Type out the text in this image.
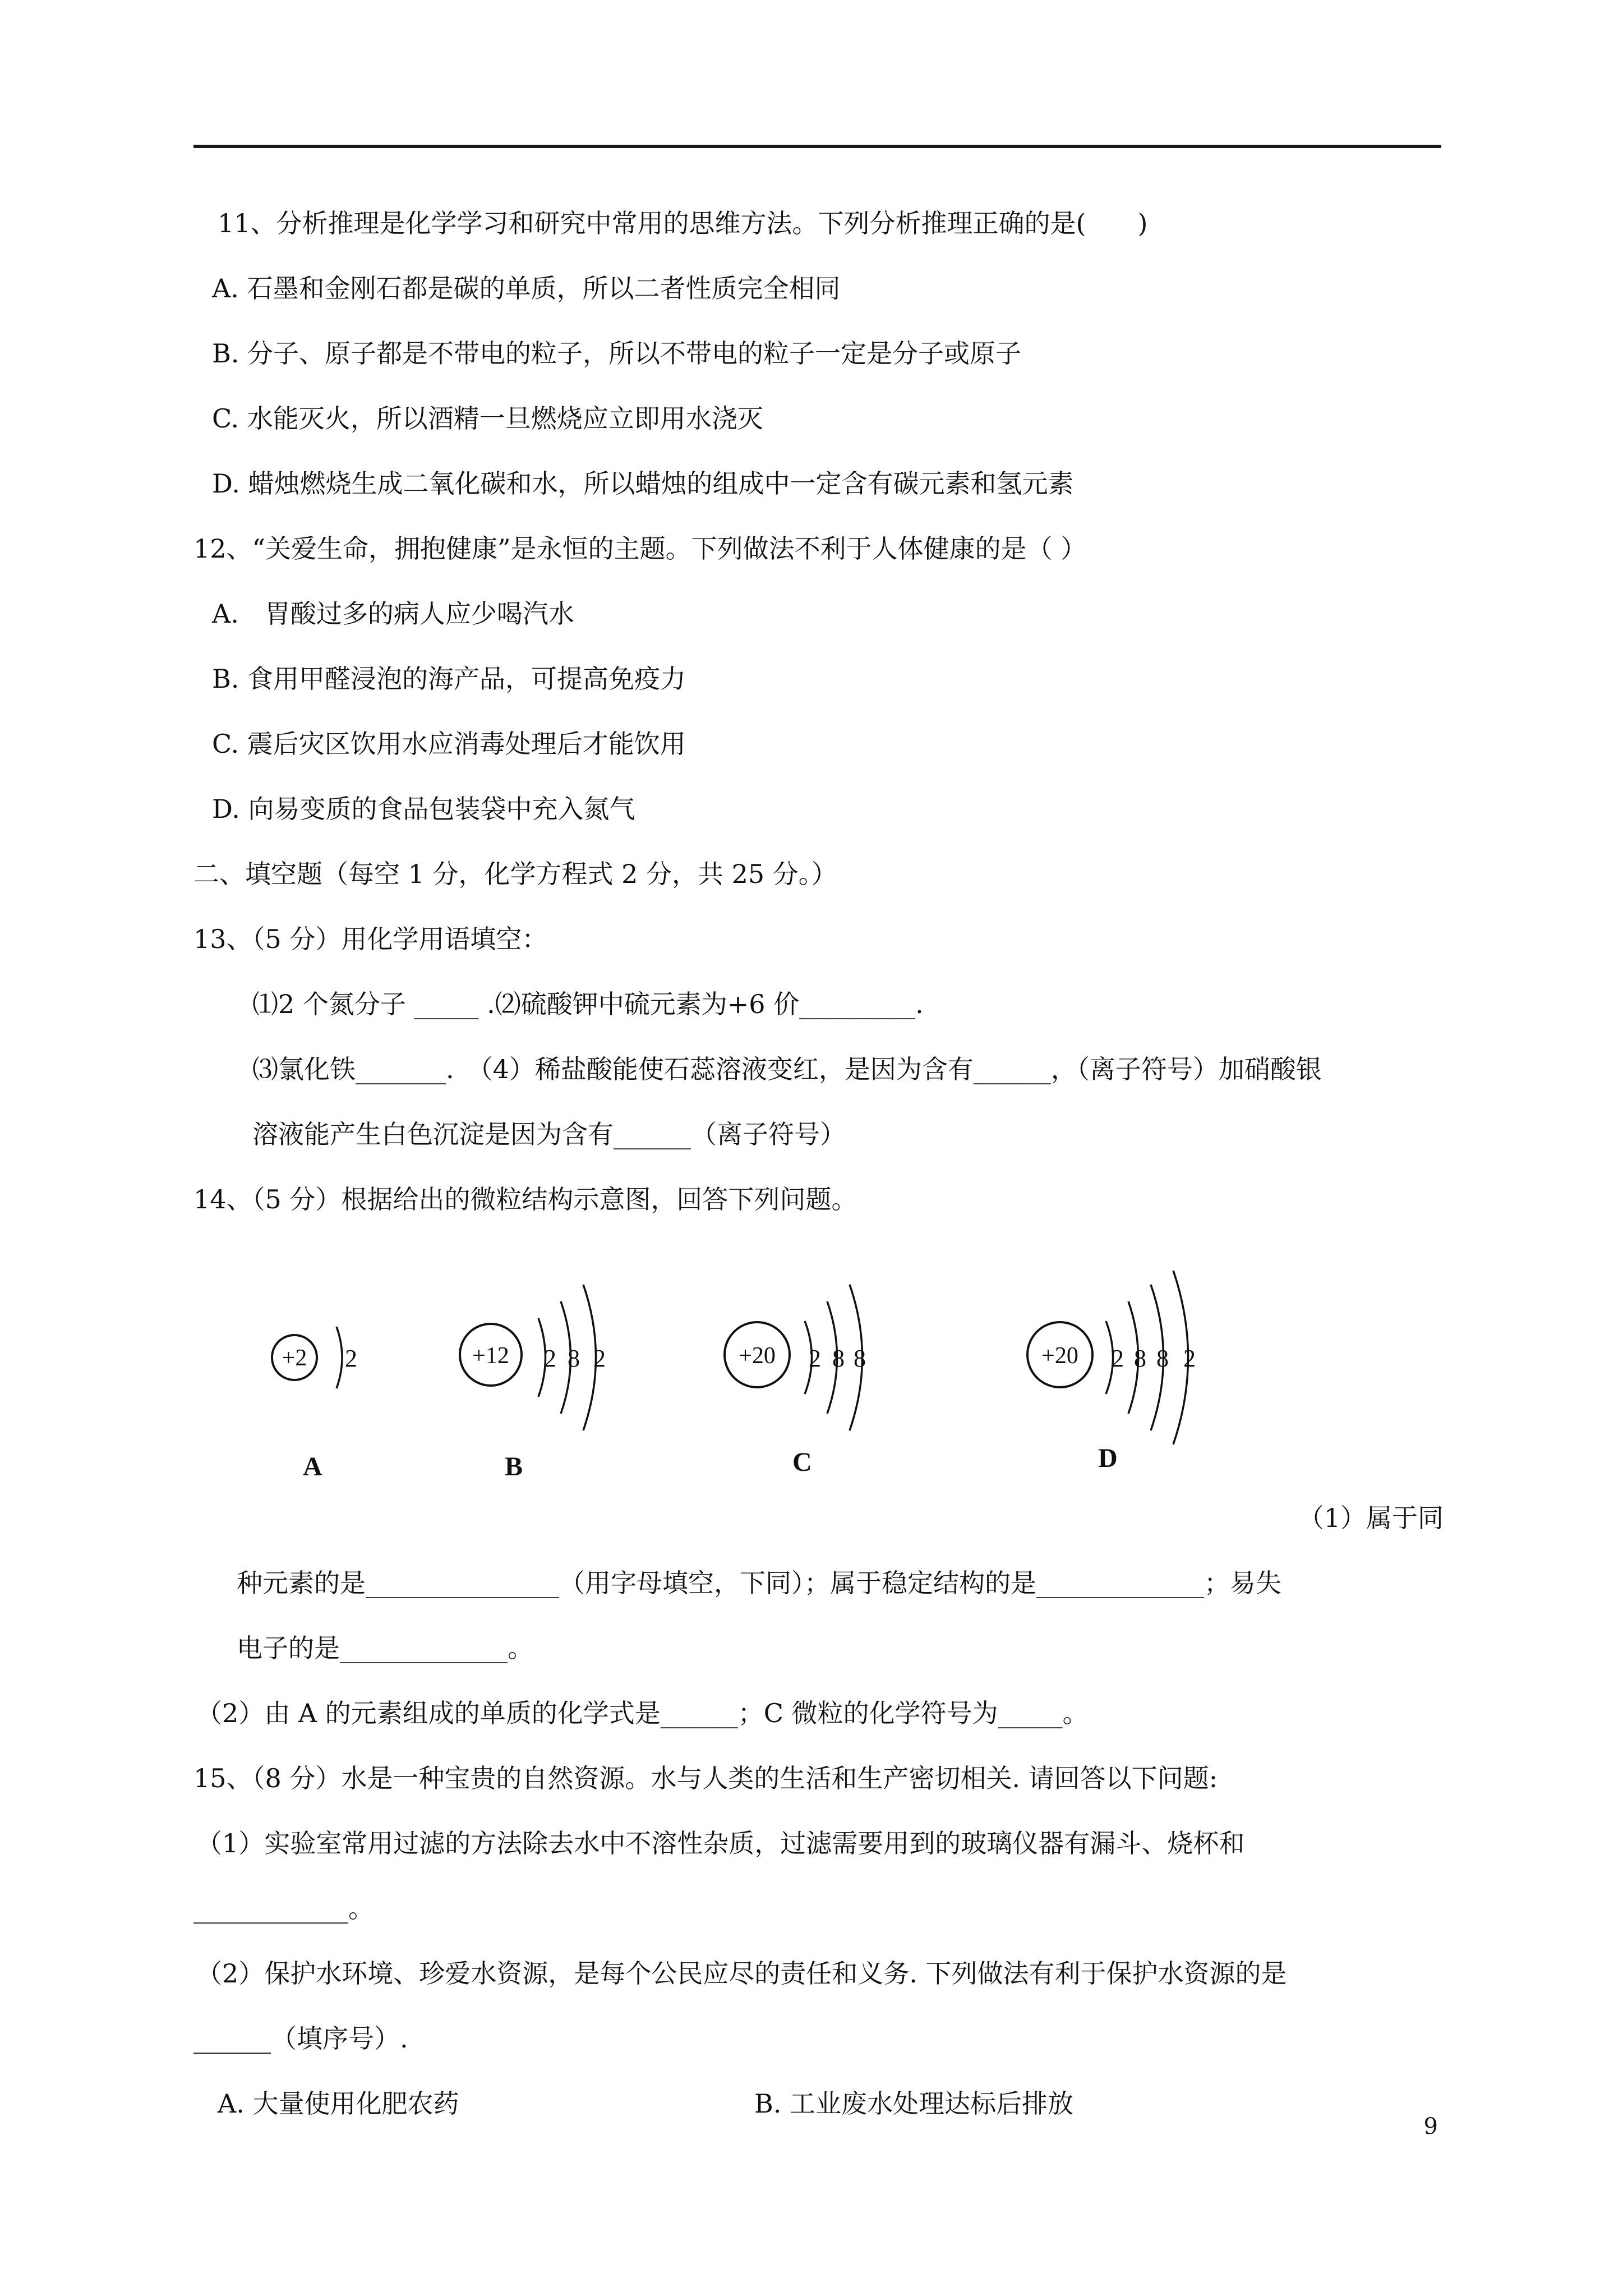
11、分析推理是化学学习和研究中常用的思维方法。下列分析推理正确的是(　　)
A. 石墨和金刚石都是碳的单质，所以二者性质完全相同
B. 分子、原子都是不带电的粒子，所以不带电的粒子一定是分子或原子
C. 水能灭火，所以酒精一旦燃烧应立即用水浇灭
D. 蜡烛燃烧生成二氧化碳和水，所以蜡烛的组成中一定含有碳元素和氢元素
12、“关爱生命，拥抱健康”是永恒的主题。下列做法不利于人体健康的是（ ）
A.　胃酸过多的病人应少喝汽水
B. 食用甲醛浸泡的海产品，可提高免疫力
C. 震后灾区饮用水应消毒处理后才能饮用
D. 向易变质的食品包装袋中充入氮气
二、填空题（每空 1 分，化学方程式 2 分，共 25 分。）
13、（5 分）用化学用语填空：
⑴2 个氮分子 _____ .⑵硫酸钾中硫元素为+6 价_________.
⑶氯化铁_______.　（4）稀盐酸能使石蕊溶液变红，是因为含有______，（离子符号）加硝酸银
溶液能产生白色沉淀是因为含有______（离子符号）
14、（5 分）根据给出的微粒结构示意图，回答下列问题。
+2 2
A
+12 2 8 2
B
+20 2 8 8
C
+20 2 8 8 2
D
（1）属于同
种元素的是_______________（用字母填空，下同）；属于稳定结构的是_____________；易失
电子的是_____________。
（2）由 A 的元素组成的单质的化学式是______；C 微粒的化学符号为_____。
15、（8 分）水是一种宝贵的自然资源。水与人类的生活和生产密切相关. 请回答以下问题:
（1）实验室常用过滤的方法除去水中不溶性杂质，过滤需要用到的玻璃仪器有漏斗、烧杯和
____________。
（2）保护水环境、珍爱水资源，是每个公民应尽的责任和义务. 下列做法有利于保护水资源的是
______（填序号）.
A. 大量使用化肥农药	B. 工业废水处理达标后排放
9
